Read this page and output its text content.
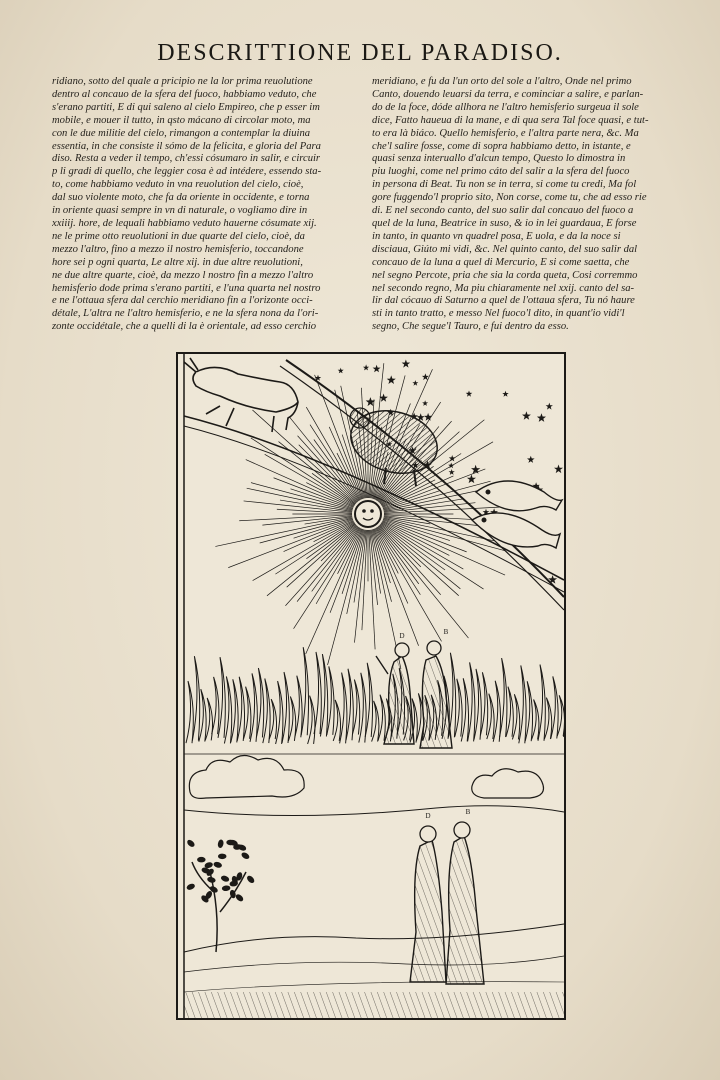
DESCRITTIONE DEL PARADISO.
ridiano, sotto del quale a pricipio ne la lor prima reuolutione
dentro al concauo de la sfera del fuoco, habbiamo veduto, che
s'erano partiti, E di qui saleno al cielo Empireo, che p esser im
mobile, e mouer il tutto, in qsto mácano di circolar moto, ma
con le due militie del cielo, rimangon a contemplar la diuina
essentia, in che consiste il sómo de la felicita, e gloria del Para
diso. Resta a veder il tempo, ch'essi cósumaro in salir, e circuir
p li gradi di quello, che leggier cosa è ad intédere, essendo sta-
to, come habbiamo veduto in vna reuolution del cielo, cioè,
dal suo violente moto, che fa da oriente in occidente, e torna
in oriente quasi sempre in vn di naturale, o vogliamo dire in
xxiiij. hore, de lequali habbiamo veduto hauerne cósumate xij.
ne le prime otto reuolutioni in due quarte del cielo, cioè, da
mezzo l'altro, fino a mezzo il nostro hemisferio, toccandone
hore sei p ogni quarta, Le altre xij. in due altre reuolutioni,
ne due altre quarte, cioè, da mezzo l nostro fin a mezzo l'altro
hemisferio dode prima s'erano partiti, e l'una quarta nel nostro
e ne l'ottaua sfera dal cerchio meridiano fin a l'orizonte occi-
détale, L'altra ne l'altro hemisferio, e ne la sfera nona da l'ori-
zonte occidétale, che a quelli di la è orientale, ad esso cerchio
meridiano, e fu da l'un orto del sole a l'altro, Onde nel primo
Canto, douendo leuarsi da terra, e cominciar a salire, e parlan-
do de la foce, dóde allhora ne l'altro hemisferio surgeua il sole
dice, Fatto haueua di la mane, e di qua sera Tal foce quasi, e tut-
to era là biáco. Quello hemisferio, e l'altra parte nera, &c. Ma
che'l salire fosse, come di sopra habbiamo detto, in istante, e
quasi senza interuallo d'alcun tempo, Questo lo dimostra in
piu luoghi, come nel primo cáto del salir a la sfera del fuoco
in persona di Beat. Tu non se in terra, si come tu credi, Ma fol
gore fuggendo'l proprio sito, Non corse, come tu, che ad esso rie
di. E nel secondo canto, del suo salir dal concauo del fuoco a
quel de la luna, Beatrice in suso, & io in lei guardaua, E forse
in tanto, in quanto vn quadrel posa, E uola, e da la noce si
disciaua, Giúto mi vidi, &c. Nel quinto canto, del suo salir dal
concauo de la luna a quel di Mercurio, E si come saetta, che
nel segno Percote, pria che sia la corda queta, Cosi corremmo
nel secondo regno, Ma piu chiaramente nel xxij. canto del sa-
lir dal cócauo di Saturno a quel de l'ottaua sfera, Tu nó haure
sti in tanto tratto, e messo Nel fuoco'l dito, in quant'io vidi'l
segno, Che segue'l Tauro, e fui dentro da esso.
D	B
D	B
